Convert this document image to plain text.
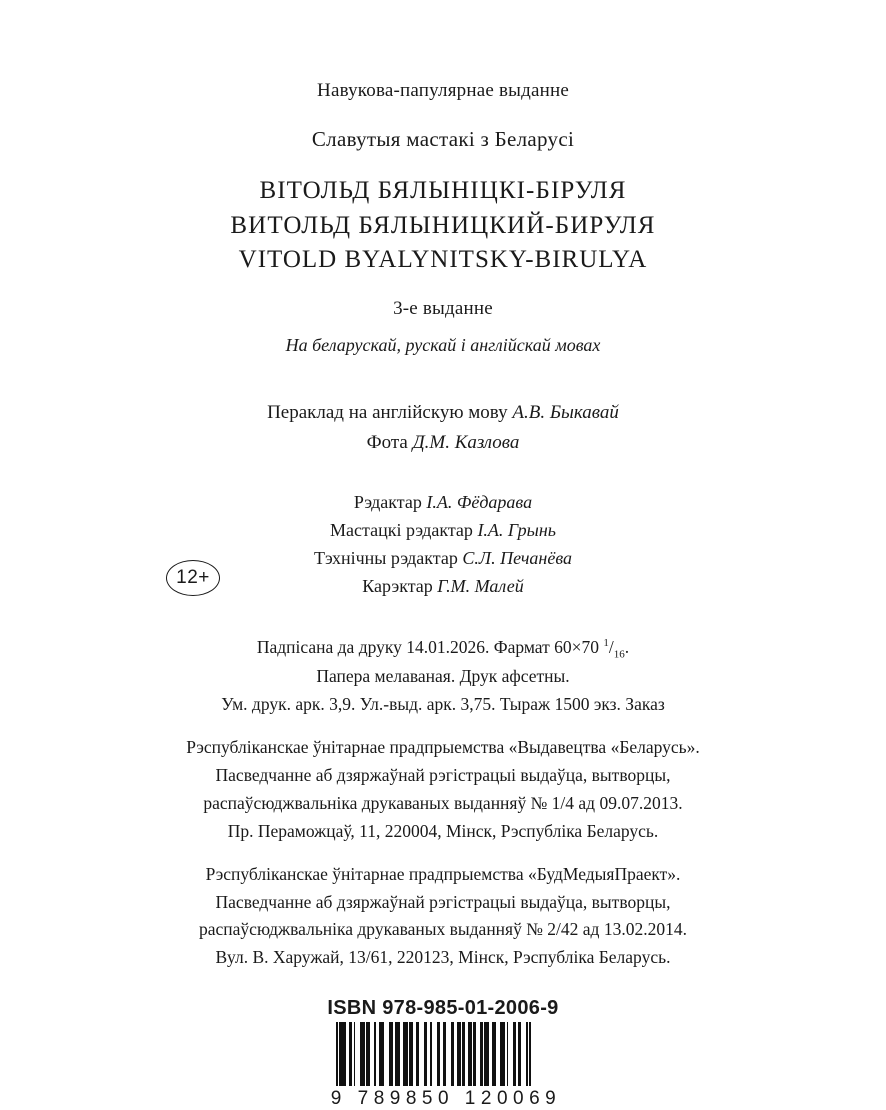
Навукова-папулярнае выданне
Славутыя мастакі з Беларусі
ВІТОЛЬД БЯЛЫНІЦКІ-БІРУЛЯ
ВИТОЛЬД БЯЛЫНИЦКИЙ-БИРУЛЯ
VITOLD BYALYNITSKY-BIRULYA
3-е выданне
На беларускай, рускай і англійскай мовах
Пераклад на англійскую мову А.В. Быкавай
Фота Д.М. Казлова
Рэдактар І.А. Фёдарава
Мастацкі рэдактар І.А. Грынь
Тэхнічны рэдактар С.Л. Печанёва
Карэктар Г.М. Малей
12+
Падпісана да друку 14.01.2026. Фармат 60×70 $^1/_{16}$.
Папера мелаваная. Друк афсетны.
Ум. друк. арк. 3,9. Ул.-выд. арк. 3,75. Тыраж 1500 экз. Заказ
Рэспубліканскае ўнітарнае прадпрыемства «Выдавецтва «Беларусь».
Пасведчанне аб дзяржаўнай рэгістрацыі выдаўца, вытворцы,
распаўсюджвальніка друкаваных выданняў № 1/4 ад 09.07.2013.
Пр. Пераможцаў, 11, 220004, Мінск, Рэспубліка Беларусь.
Рэспубліканскае ўнітарнае прадпрыемства «БудМедыяПраект».
Пасведчанне аб дзяржаўнай рэгістрацыі выдаўца, вытворцы,
распаўсюджвальніка друкаваных выданняў № 2/42 ад 13.02.2014.
Вул. В. Харужай, 13/61, 220123, Мінск, Рэспубліка Беларусь.
ISBN 978-985-01-2006-9
9 789850 120069
